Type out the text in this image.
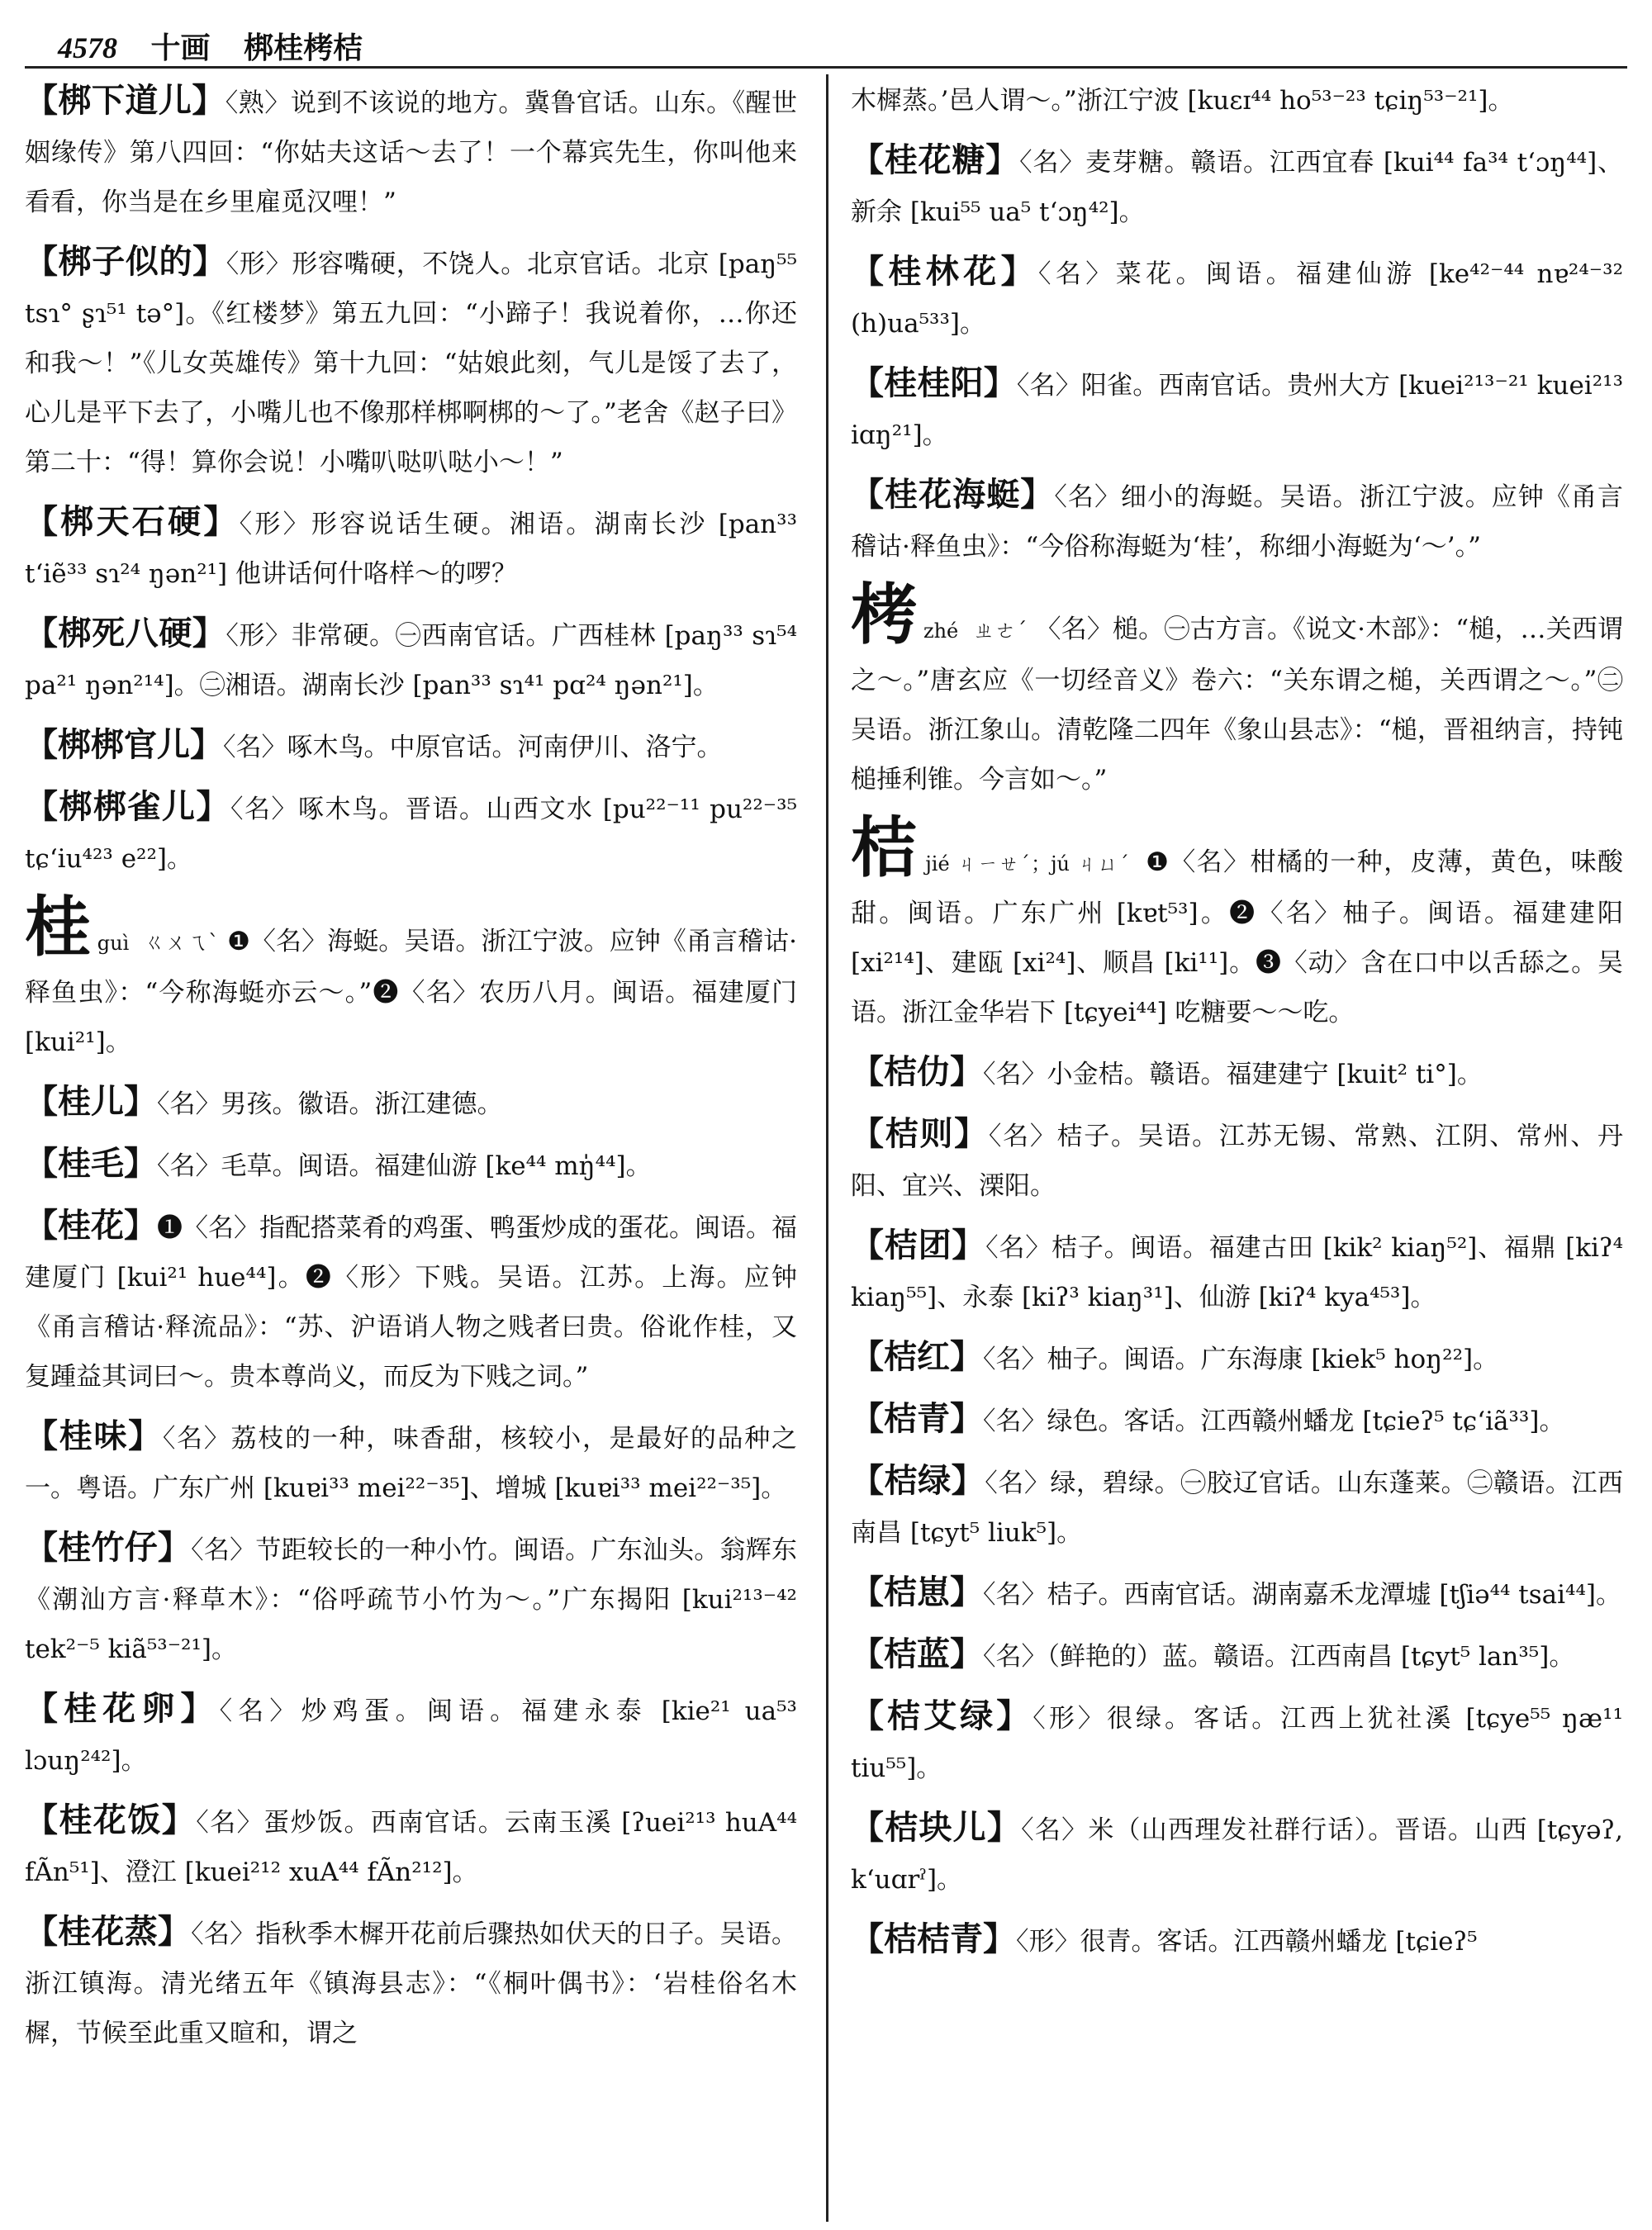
4578 十画 梆桂栲桔
【梆下道儿】〈熟〉说到不该说的地方。冀鲁官话。山东。《醒世姻缘传》第八四回：“你姑夫这话～去了！一个幕宾先生，你叫他来看看，你当是在乡里雇觅汉哩！”
【梆子似的】〈形〉形容嘴硬，不饶人。北京官话。北京 [paŋ⁵⁵ tsɿ° ʂɿ⁵¹ tə°]。《红楼梦》第五九回：“小蹄子！我说着你，…你还和我～！”《儿女英雄传》第十九回：“姑娘此刻，气儿是馁了去了，心儿是平下去了，小嘴儿也不像那样梆啊梆的～了。”老舍《赵子曰》第二十：“得！算你会说！小嘴叭哒叭哒小～！”
【梆天石硬】〈形〉形容说话生硬。湘语。湖南长沙 [pan³³ tʻiẽ³³ sɿ²⁴ ŋən²¹] 他讲话何什咯样～的啰？
【梆死八硬】〈形〉非常硬。㊀西南官话。广西桂林 [paŋ³³ sɿ⁵⁴ pa²¹ ŋən²¹⁴]。㊁湘语。湖南长沙 [pan³³ sɿ⁴¹ pɑ²⁴ ŋən²¹]。
【梆梆官儿】〈名〉啄木鸟。中原官话。河南伊川、洛宁。
【梆梆雀儿】〈名〉啄木鸟。晋语。山西文水 [pu²²⁻¹¹ pu²²⁻³⁵ tɕʻiu⁴²³ e²²]。
桂 guì ㄍㄨㄟˋ ❶〈名〉海蜓。吴语。浙江宁波。应钟《甬言稽诂·释鱼虫》：“今称海蜓亦云～。”❷〈名〉农历八月。闽语。福建厦门 [kui²¹]。
【桂儿】〈名〉男孩。徽语。浙江建德。
【桂毛】〈名〉毛草。闽语。福建仙游 [ke⁴⁴ mŋ̍⁴⁴]。
【桂花】❶〈名〉指配搭菜肴的鸡蛋、鸭蛋炒成的蛋花。闽语。福建厦门 [kui²¹ hue⁴⁴]。❷〈形〉下贱。吴语。江苏。上海。应钟《甬言稽诂·释流品》：“苏、沪语诮人物之贱者曰贵。俗讹作桂，又复踵益其词曰～。贵本尊尚义，而反为下贱之词。”
【桂味】〈名〉荔枝的一种，味香甜，核较小，是最好的品种之一。粤语。广东广州 [kuɐi³³ mei²²⁻³⁵]、增城 [kuɐi³³ mei²²⁻³⁵]。
【桂竹仔】〈名〉节距较长的一种小竹。闽语。广东汕头。翁辉东《潮汕方言·释草木》：“俗呼疏节小竹为～。”广东揭阳 [kui²¹³⁻⁴² tek²⁻⁵ kiã⁵³⁻²¹]。
【桂花卵】〈名〉炒鸡蛋。闽语。福建永泰 [kie²¹ ua⁵³ lɔuŋ²⁴²]。
【桂花饭】〈名〉蛋炒饭。西南官话。云南玉溪 [ʔuei²¹³ huA⁴⁴ fÃn⁵¹]、澄江 [kuei²¹² xuA⁴⁴ fÃn²¹²]。
【桂花蒸】〈名〉指秋季木樨开花前后骤热如伏天的日子。吴语。浙江镇海。清光绪五年《镇海县志》：“《桐叶偶书》：‘岩桂俗名木樨，节候至此重又暄和，谓之
木樨蒸。’邑人谓～。”浙江宁波 [kuɛɪ⁴⁴ ho⁵³⁻²³ tɕiŋ⁵³⁻²¹]。
【桂花糖】〈名〉麦芽糖。赣语。江西宜春 [kui⁴⁴ fa³⁴ tʻɔŋ⁴⁴]、新余 [kui⁵⁵ ua⁵ tʻɔŋ⁴²]。
【桂林花】〈名〉菜花。闽语。福建仙游 [ke⁴²⁻⁴⁴ nɐ²⁴⁻³² (h)ua⁵³³]。
【桂桂阳】〈名〉阳雀。西南官话。贵州大方 [kuei²¹³⁻²¹ kuei²¹³ iɑŋ²¹]。
【桂花海蜓】〈名〉细小的海蜓。吴语。浙江宁波。应钟《甬言稽诂·释鱼虫》：“今俗称海蜓为‘桂’，称细小海蜓为‘～’。”
栲 zhé ㄓㄜˊ 〈名〉槌。㊀古方言。《说文·木部》：“槌，…关西谓之～。”唐玄应《一切经音义》卷六：“关东谓之槌，关西谓之～。”㊁吴语。浙江象山。清乾隆二四年《象山县志》：“槌，晋祖纳言，持钝槌捶利锥。今言如～。”
桔 jié ㄐㄧㄝˊ；jú ㄐㄩˊ ❶〈名〉柑橘的一种，皮薄，黄色，味酸甜。闽语。广东广州 [kɐt⁵³]。❷〈名〉柚子。闽语。福建建阳 [xi²¹⁴]、建瓯 [xi²⁴]、顺昌 [ki¹¹]。❸〈动〉含在口中以舌舔之。吴语。浙江金华岩下 [tɕyei⁴⁴] 吃糖要～～吃。
【桔仂】〈名〉小金桔。赣语。福建建宁 [kuit² ti°]。
【桔则】〈名〉桔子。吴语。江苏无锡、常熟、江阴、常州、丹阳、宜兴、溧阳。
【桔团】〈名〉桔子。闽语。福建古田 [kik² kiaŋ⁵²]、福鼎 [kiʔ⁴ kiaŋ⁵⁵]、永泰 [kiʔ³ kiaŋ³¹]、仙游 [kiʔ⁴ kya⁴⁵³]。
【桔红】〈名〉柚子。闽语。广东海康 [kiek⁵ hoŋ²²]。
【桔青】〈名〉绿色。客话。江西赣州蟠龙 [tɕieʔ⁵ tɕʻiã³³]。
【桔绿】〈名〉绿，碧绿。㊀胶辽官话。山东蓬莱。㊁赣语。江西南昌 [tɕyt⁵ liuk⁵]。
【桔崽】〈名〉桔子。西南官话。湖南嘉禾龙潭墟 [tʃiə⁴⁴ tsai⁴⁴]。
【桔蓝】〈名〉（鲜艳的）蓝。赣语。江西南昌 [tɕyt⁵ lan³⁵]。
【桔艾绿】〈形〉很绿。客话。江西上犹社溪 [tɕye⁵⁵ ŋæ¹¹ tiu⁵⁵]。
【桔块儿】〈名〉米（山西理发社群行话）。晋语。山西 [tɕyəʔ, kʻuɑrˀ]。
【桔桔青】〈形〉很青。客话。江西赣州蟠龙 [tɕieʔ⁵
